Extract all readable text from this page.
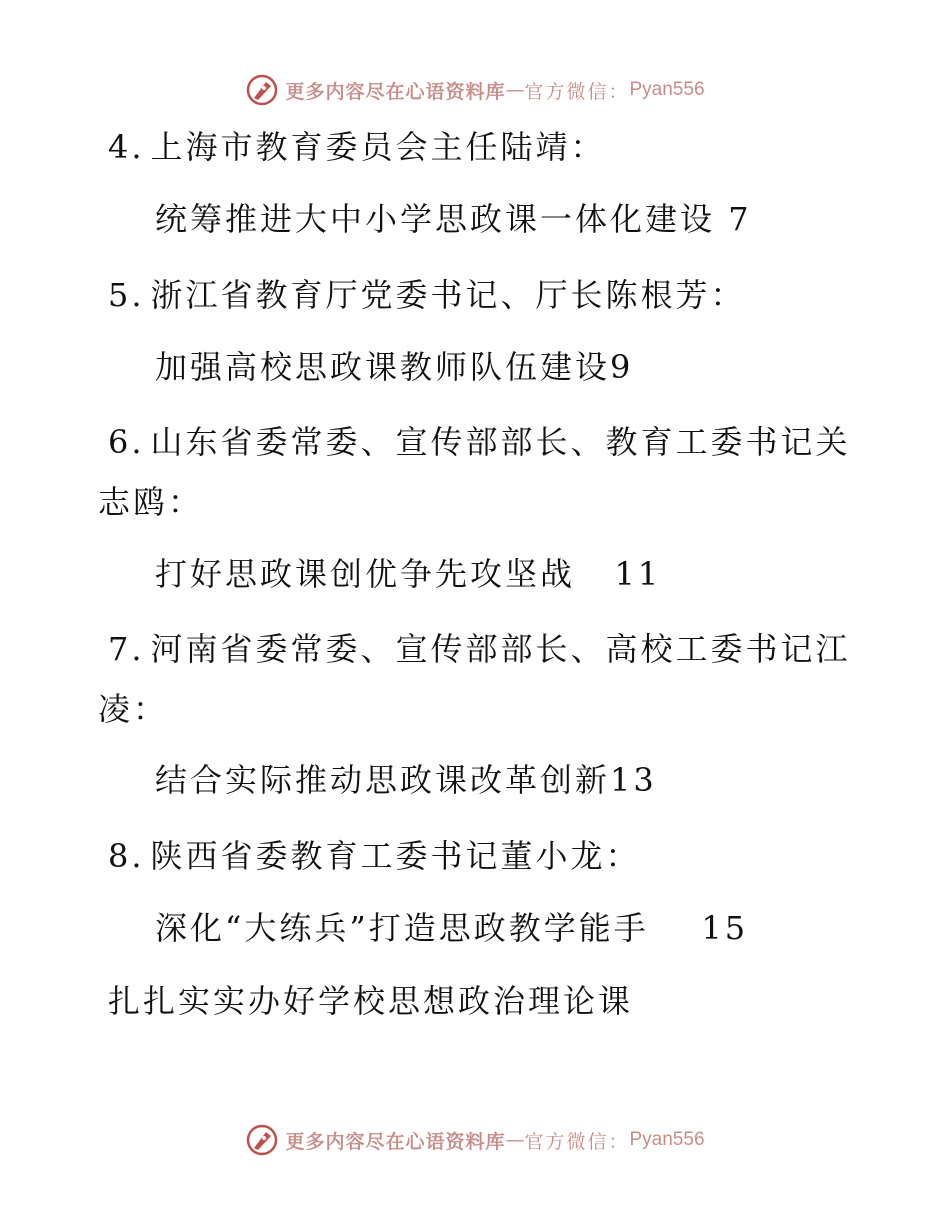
更多内容尽在心语资料库 — 官方微信： Pyan556
4. 上海市教育委员会主任陆靖：
统筹推进大中小学思政课一体化建设 7
5. 浙江省教育厅党委书记、厅长陈根芳：
加强高校思政课教师队伍建设9
6. 山东省委常委、宣传部部长、教育工委书记关
志鸥：
打好思政课创优争先攻坚战   11
7. 河南省委常委、宣传部部长、高校工委书记江
凌：
结合实际推动思政课改革创新13
8. 陕西省委教育工委书记董小龙：
深化“大练兵”打造思政教学能手    15
扎扎实实办好学校思想政治理论课
更多内容尽在心语资料库 — 官方微信： Pyan556
